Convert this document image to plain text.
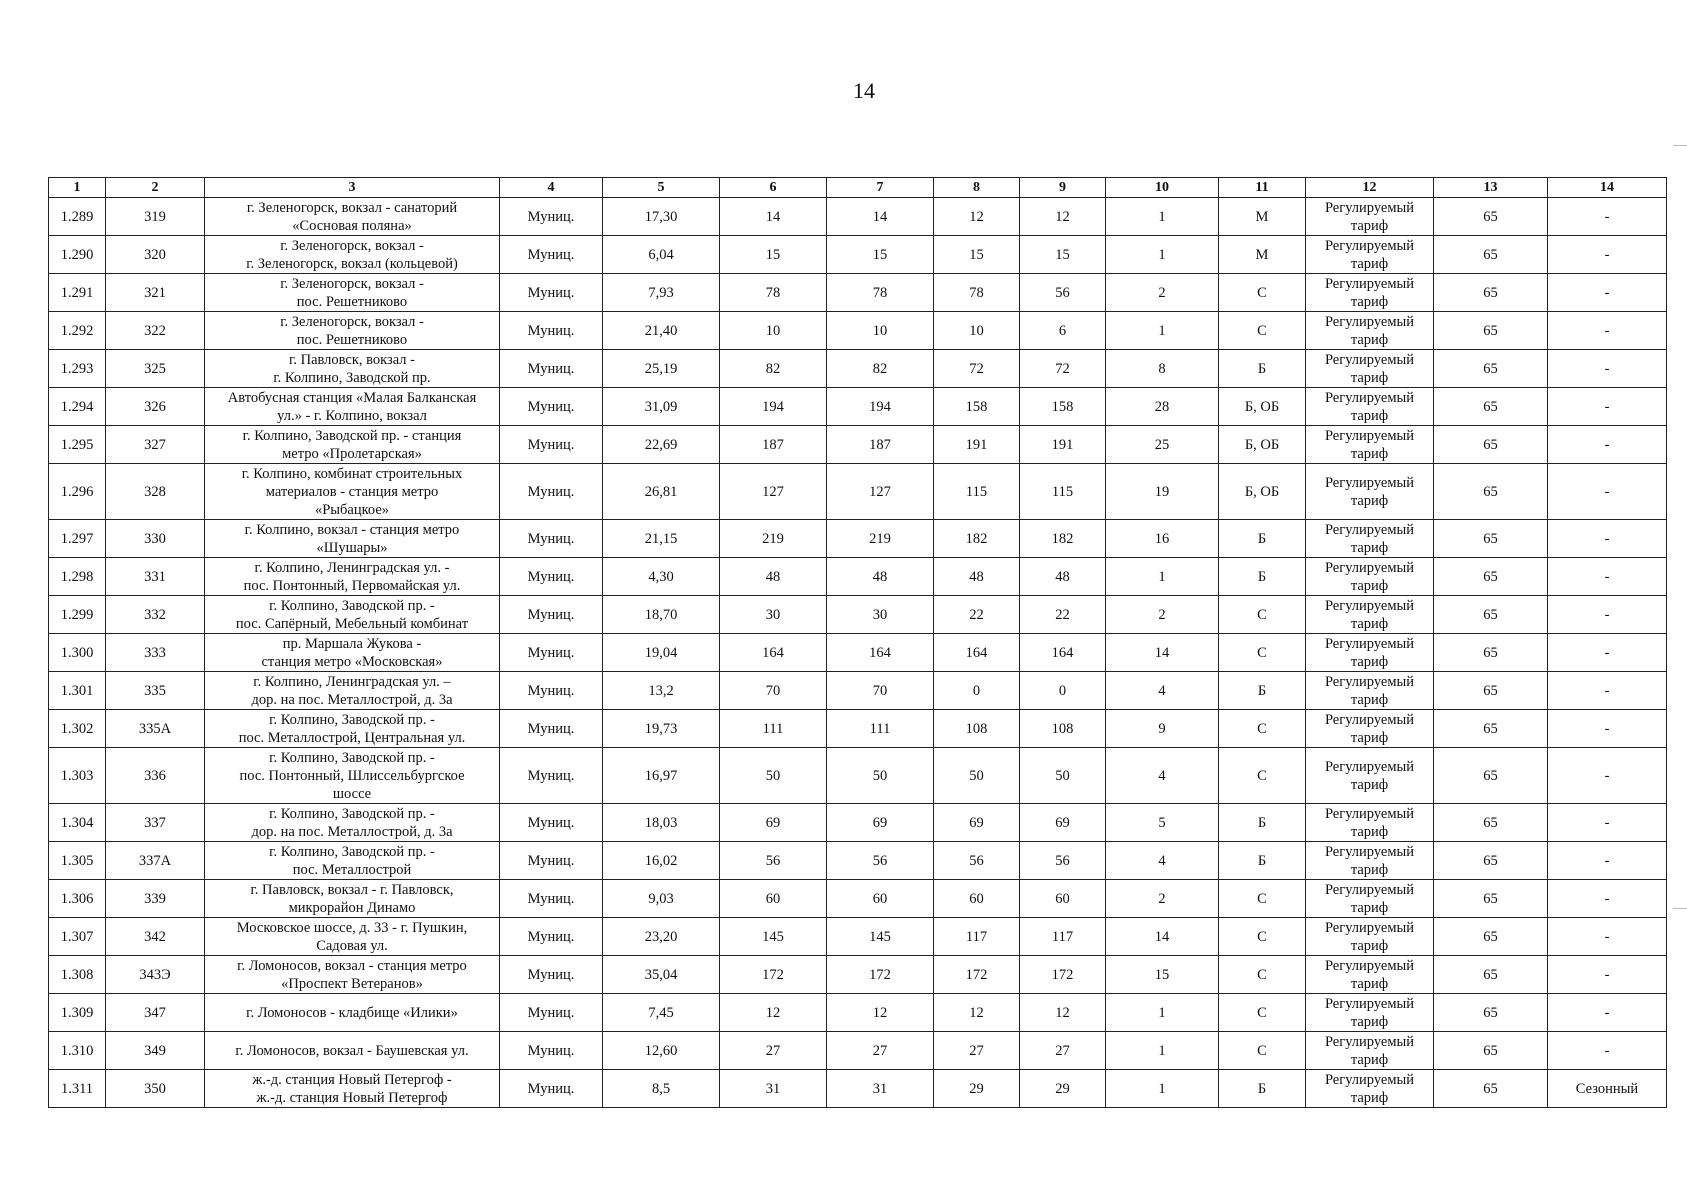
14
1	2	3	4	5	6	7	8	9	10	11	12	13	14
1.289	319	г. Зеленогорск, вокзал - санаторий
«Сосновая поляна»	Муниц.	17,30	14	14	12	12	1	М	Регулируемый
тариф	65	-
1.290	320	г. Зеленогорск, вокзал -
г. Зеленогорск, вокзал (кольцевой)	Муниц.	6,04	15	15	15	15	1	М	Регулируемый
тариф	65	-
1.291	321	г. Зеленогорск, вокзал -
пос. Решетниково	Муниц.	7,93	78	78	78	56	2	С	Регулируемый
тариф	65	-
1.292	322	г. Зеленогорск, вокзал -
пос. Решетниково	Муниц.	21,40	10	10	10	6	1	С	Регулируемый
тариф	65	-
1.293	325	г. Павловск, вокзал -
г. Колпино, Заводской пр.	Муниц.	25,19	82	82	72	72	8	Б	Регулируемый
тариф	65	-
1.294	326	Автобусная станция «Малая Балканская
ул.» - г. Колпино, вокзал	Муниц.	31,09	194	194	158	158	28	Б, ОБ	Регулируемый
тариф	65	-
1.295	327	г. Колпино, Заводской пр. - станция
метро «Пролетарская»	Муниц.	22,69	187	187	191	191	25	Б, ОБ	Регулируемый
тариф	65	-
1.296	328	г. Колпино, комбинат строительных
материалов - станция метро
«Рыбацкое»	Муниц.	26,81	127	127	115	115	19	Б, ОБ	Регулируемый
тариф	65	-
1.297	330	г. Колпино, вокзал - станция метро
«Шушары»	Муниц.	21,15	219	219	182	182	16	Б	Регулируемый
тариф	65	-
1.298	331	г. Колпино, Ленинградская ул. -
пос. Понтонный, Первомайская ул.	Муниц.	4,30	48	48	48	48	1	Б	Регулируемый
тариф	65	-
1.299	332	г. Колпино, Заводской пр. -
пос. Сапёрный, Мебельный комбинат	Муниц.	18,70	30	30	22	22	2	С	Регулируемый
тариф	65	-
1.300	333	пр. Маршала Жукова -
станция метро «Московская»	Муниц.	19,04	164	164	164	164	14	С	Регулируемый
тариф	65	-
1.301	335	г. Колпино, Ленинградская ул. –
дор. на пос. Металлострой, д. 3а	Муниц.	13,2	70	70	0	0	4	Б	Регулируемый
тариф	65	-
1.302	335А	г. Колпино, Заводской пр. -
пос. Металлострой, Центральная ул.	Муниц.	19,73	111	111	108	108	9	С	Регулируемый
тариф	65	-
1.303	336	г. Колпино, Заводской пр. -
пос. Понтонный, Шлиссельбургское
шоссе	Муниц.	16,97	50	50	50	50	4	С	Регулируемый
тариф	65	-
1.304	337	г. Колпино, Заводской пр. -
дор. на пос. Металлострой, д. 3а	Муниц.	18,03	69	69	69	69	5	Б	Регулируемый
тариф	65	-
1.305	337А	г. Колпино, Заводской пр. -
пос. Металлострой	Муниц.	16,02	56	56	56	56	4	Б	Регулируемый
тариф	65	-
1.306	339	г. Павловск, вокзал - г. Павловск,
микрорайон Динамо	Муниц.	9,03	60	60	60	60	2	С	Регулируемый
тариф	65	-
1.307	342	Московское шоссе, д. 33 - г. Пушкин,
Садовая ул.	Муниц.	23,20	145	145	117	117	14	С	Регулируемый
тариф	65	-
1.308	343Э	г. Ломоносов, вокзал - станция метро
«Проспект Ветеранов»	Муниц.	35,04	172	172	172	172	15	С	Регулируемый
тариф	65	-
1.309	347	г. Ломоносов - кладбище «Илики»	Муниц.	7,45	12	12	12	12	1	С	Регулируемый
тариф	65	-
1.310	349	г. Ломоносов, вокзал - Баушевская ул.	Муниц.	12,60	27	27	27	27	1	С	Регулируемый
тариф	65	-
1.311	350	ж.-д. станция Новый Петергоф -
ж.-д. станция Новый Петергоф	Муниц.	8,5	31	31	29	29	1	Б	Регулируемый
тариф	65	Сезонный
